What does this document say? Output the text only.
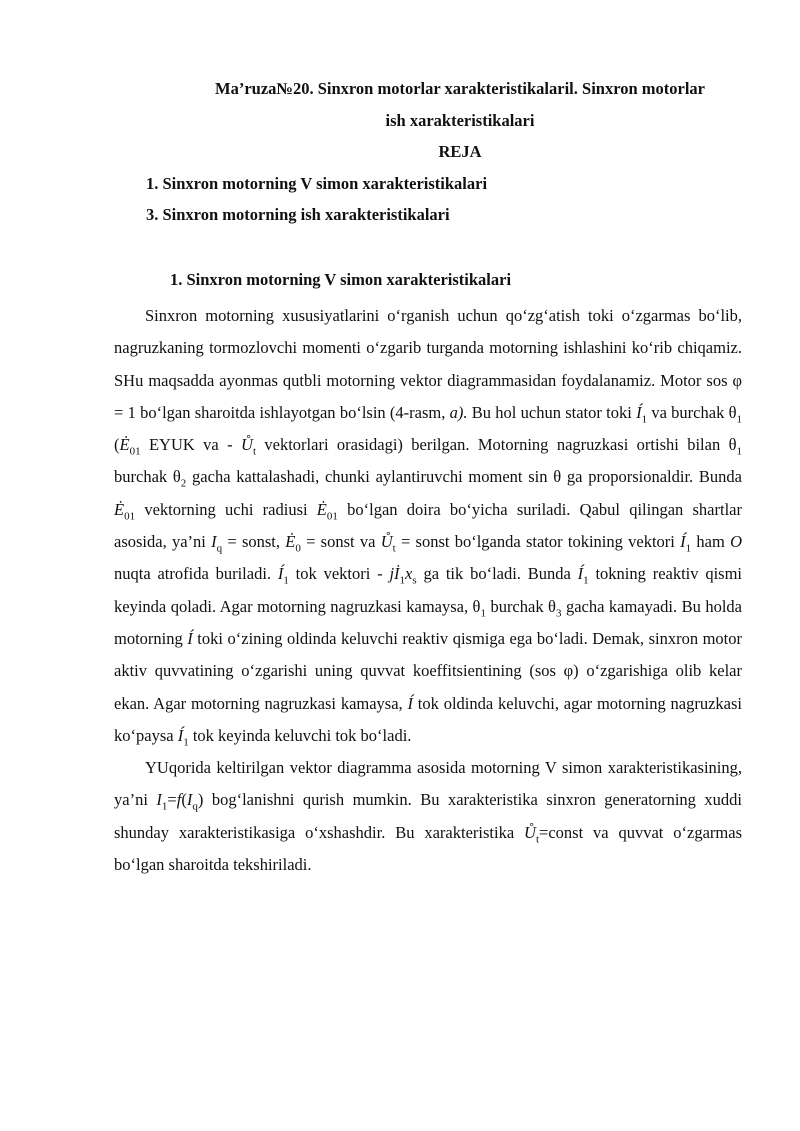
Ma’ruza№20. Sinxron motorlar xarakteristikalaril. Sinxron motorlar
ish xarakteristikalari
REJA
1. Sinxron motorning V simon xarakteristikalari
3. Sinxron motorning ish xarakteristikalari
1. Sinxron motorning V simon xarakteristikalari

Sinxron motorning xususiyatlarini o‘rganish uchun qo‘zg‘atish toki o‘zgarmas bo‘lib, nagruzkaning tormozlovchi momenti o‘zgarib turganda motorning ishlashini ko‘rib chiqamiz. SHu maqsadda ayonmas qutbli motorning vektor diagrammasidan foydalanamiz. Motor sos φ = 1 bo‘lgan sharoitda ishlayotgan bo‘lsin (4-rasm, a). Bu hol uchun stator toki $Í_1$ va burchak $\theta_1$ ($Ė_{01}$ EYUK va - $Ů_t$ vektorlari orasidagi) berilgan. Motorning nagruzkasi ortishi bilan $\theta_1$ burchak $\theta_2$ gacha kattalashadi, chunki aylantiruvchi moment sin θ ga proporsionaldir. Bunda $Ė_{01}$ vektorning uchi radiusi $Ė_{01}$ bo‘lgan doira bo‘yicha suriladi. Qabul qilingan shartlar asosida, ya’ni $I_q$ = sonst, $Ė_0$ = sonst va $Ů_t$ = sonst bo‘lganda stator tokining vektori $Í_1$ ham O nuqta atrofida buriladi. $Í_1$ tok vektori - $jİ_1x_s$ ga tik bo‘ladi. Bunda $Í_1$ tokning reaktiv qismi keyinda qoladi. Agar motorning nagruzkasi kamaysa, $\theta_1$ burchak $\theta_3$ gacha kamayadi. Bu holda motorning Í toki o‘zining oldinda keluvchi reaktiv qismiga ega bo‘ladi. Demak, sinxron motor aktiv quvvatining o‘zgarishi uning quvvat koeffitsientining (sos φ) o‘zgarishiga olib kelar ekan. Agar motorning nagruzkasi kamaysa, Í tok oldinda keluvchi, agar motorning nagruzkasi ko‘paysa $Í_1$ tok keyinda keluvchi tok bo‘ladi.

YUqorida keltirilgan vektor diagramma asosida motorning V simon xarakteristikasining, ya’ni $I_1=f(I_q)$ bog‘lanishni qurish mumkin. Bu xarakteristika sinxron generatorning xuddi shunday xarakteristikasiga o‘xshashdir. Bu xarakteristika $Ů_t=const$ va quvvat o‘zgarmas bo‘lgan sharoitda tekshiriladi.
